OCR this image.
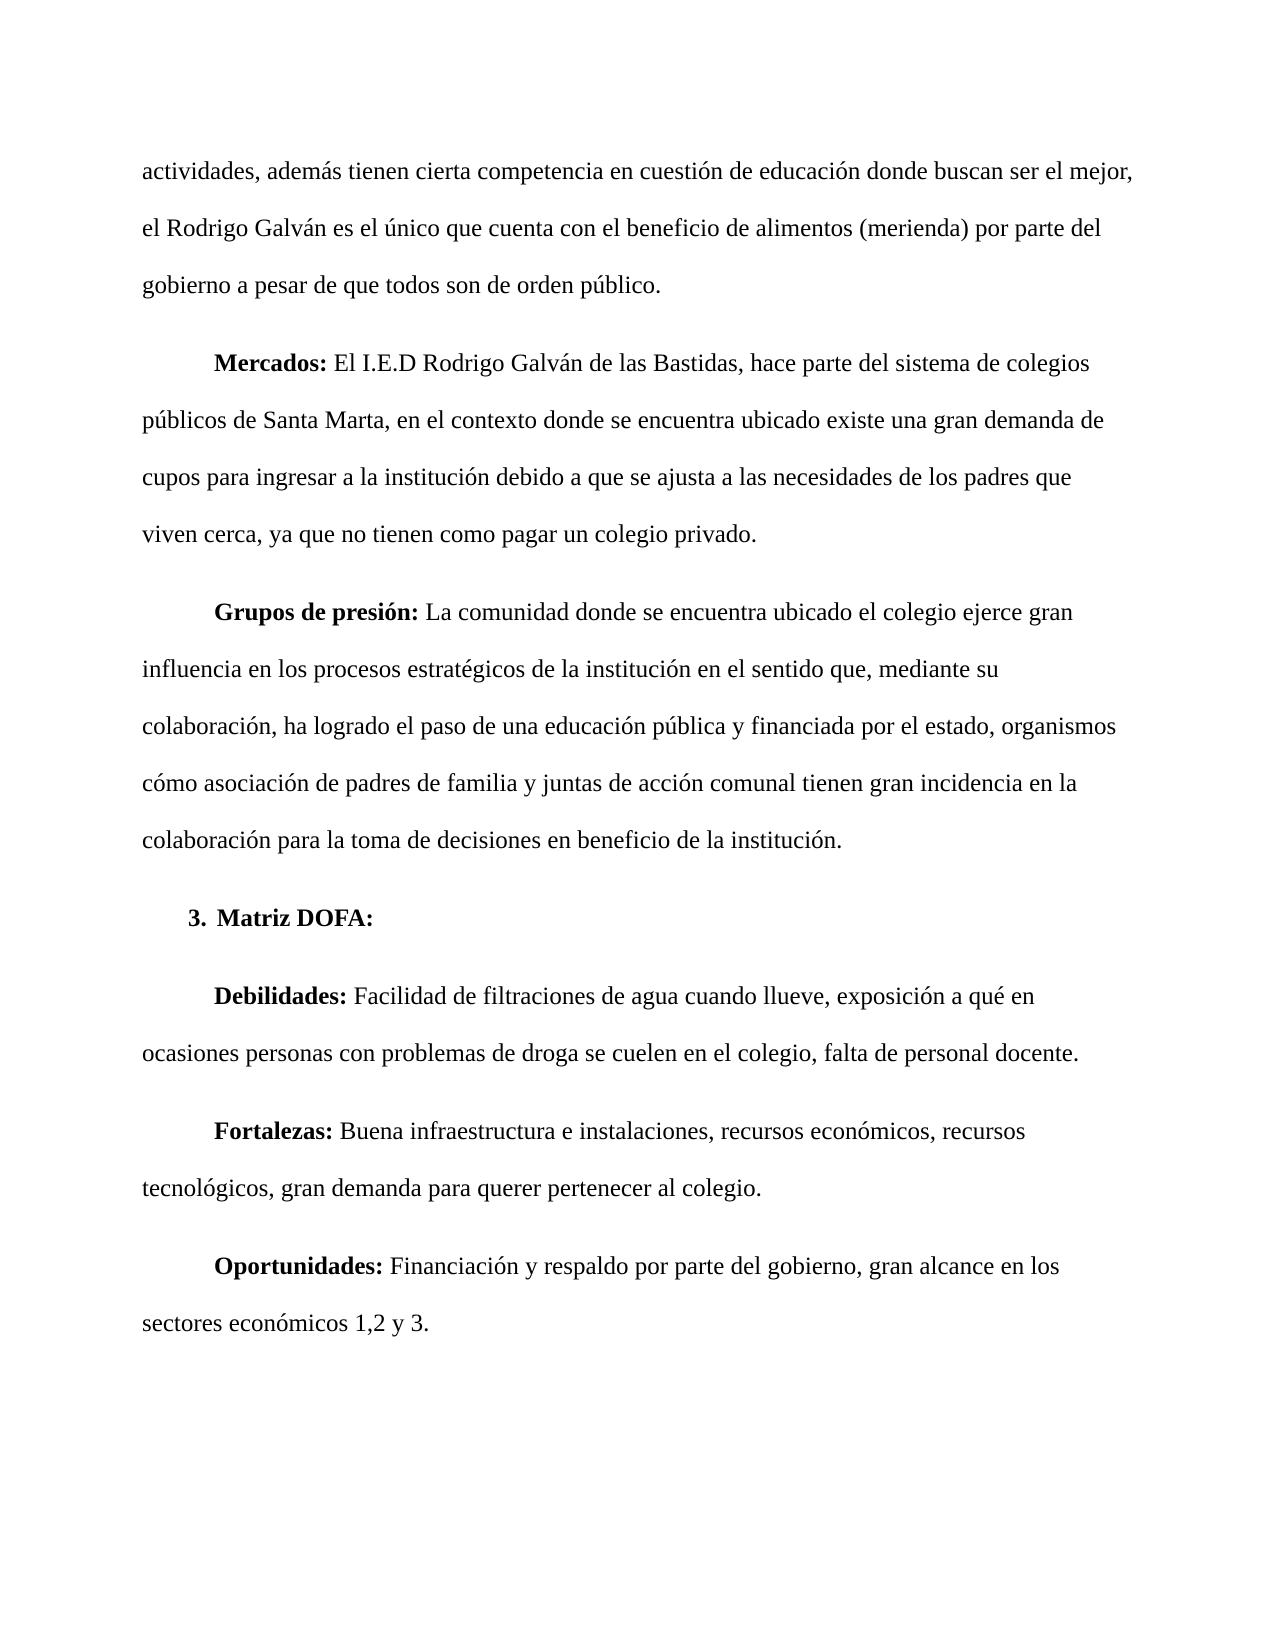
actividades, además tienen cierta competencia en cuestión de educación donde buscan ser el mejor, el Rodrigo Galván es el único que cuenta con el beneficio de alimentos (merienda) por parte del gobierno a pesar de que todos son de orden público.

Mercados: El I.E.D Rodrigo Galván de las Bastidas, hace parte del sistema de colegios públicos de Santa Marta, en el contexto donde se encuentra ubicado existe una gran demanda de cupos para ingresar a la institución debido a que se ajusta a las necesidades de los padres que viven cerca, ya que no tienen como pagar un colegio privado.

Grupos de presión: La comunidad donde se encuentra ubicado el colegio ejerce gran influencia en los procesos estratégicos de la institución en el sentido que, mediante su colaboración, ha logrado el paso de una educación pública y financiada por el estado, organismos cómo asociación de padres de familia y juntas de acción comunal tienen gran incidencia en la colaboración para la toma de decisiones en beneficio de la institución.

3. Matriz DOFA:

Debilidades: Facilidad de filtraciones de agua cuando llueve, exposición a qué en ocasiones personas con problemas de droga se cuelen en el colegio, falta de personal docente.

Fortalezas: Buena infraestructura e instalaciones, recursos económicos, recursos tecnológicos, gran demanda para querer pertenecer al colegio.

Oportunidades: Financiación y respaldo por parte del gobierno, gran alcance en los sectores económicos 1,2 y 3.
